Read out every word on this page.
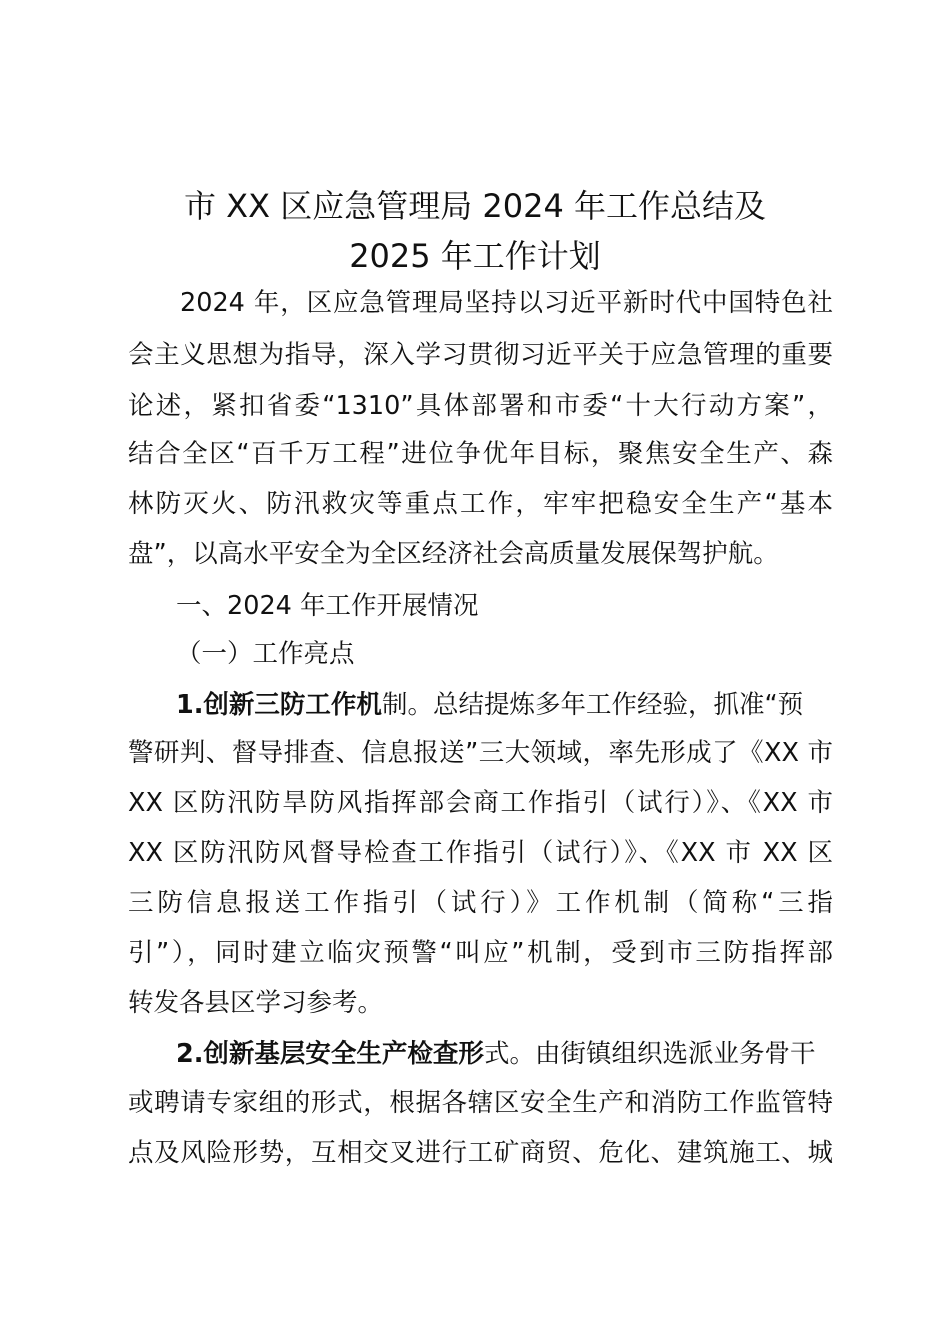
市 XX 区应急管理局 2024 年工作总结及
2025 年工作计划
2024 年，区应急管理局坚持以习近平新时代中国特色社
会主义思想为指导，深入学习贯彻习近平关于应急管理的重要
论述，紧扣省委“1310”具体部署和市委“十大行动方案”，
结合全区“百千万工程”进位争优年目标，聚焦安全生产、森
林防灭火、防汛救灾等重点工作，牢牢把稳安全生产“基本
盘”，以高水平安全为全区经济社会高质量发展保驾护航。
一、2024 年工作开展情况
（一）工作亮点
1.创新三防工作机制。总结提炼多年工作经验，抓准“预
警研判、督导排查、信息报送”三大领域，率先形成了《XX 市
XX 区防汛防旱防风指挥部会商工作指引（试行）》、《XX 市
XX 区防汛防风督导检查工作指引（试行）》、《XX 市 XX 区
三防信息报送工作指引（试行）》工作机制（简称“三指
引”），同时建立临灾预警“叫应”机制，受到市三防指挥部
转发各县区学习参考。
2.创新基层安全生产检查形式。由街镇组织选派业务骨干
或聘请专家组的形式，根据各辖区安全生产和消防工作监管特
点及风险形势，互相交叉进行工矿商贸、危化、建筑施工、城
